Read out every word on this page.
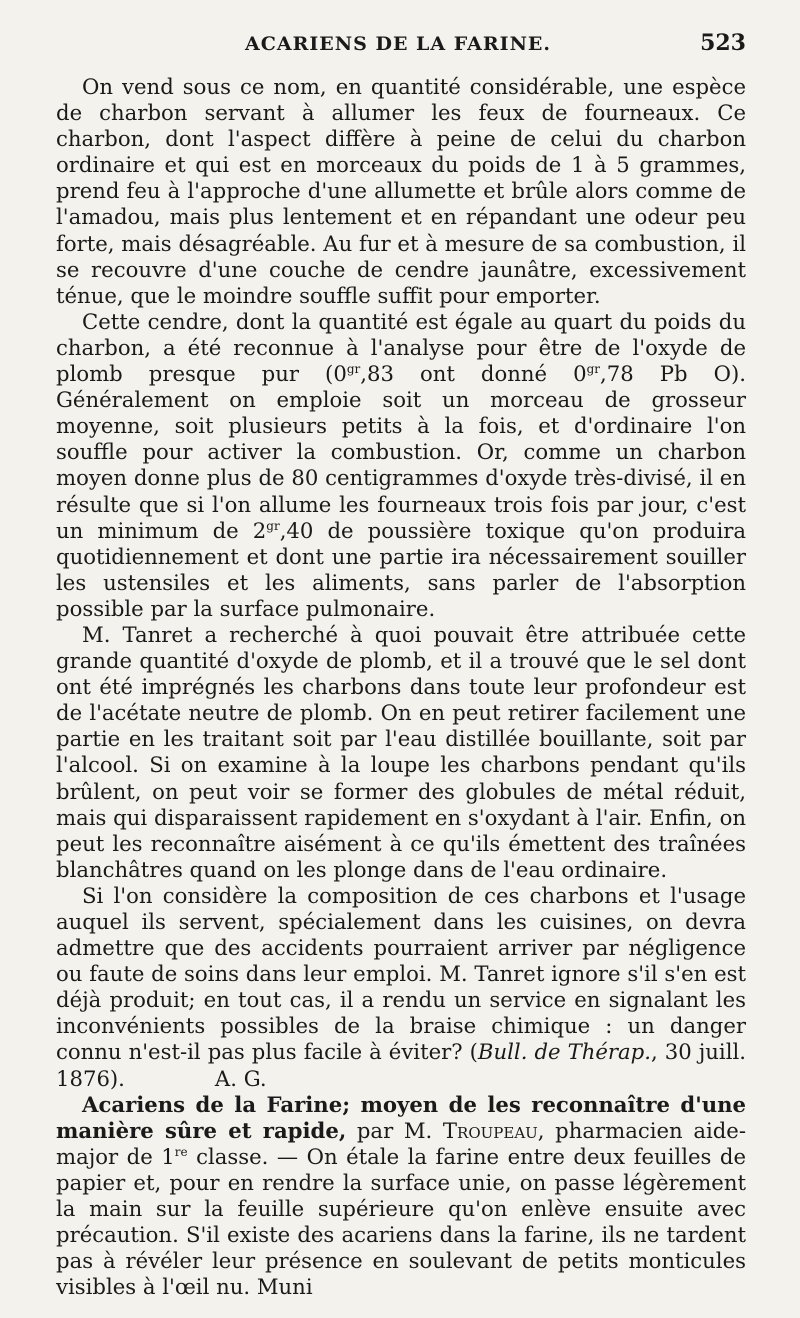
ACARIENS DE LA FARINE.	523

On vend sous ce nom, en quantité considérable, une espèce de charbon servant à allumer les feux de fourneaux. Ce charbon, dont l'aspect diffère à peine de celui du charbon ordinaire et qui est en morceaux du poids de 1 à 5 grammes, prend feu à l'approche d'une allumette et brûle alors comme de l'amadou, mais plus lentement et en répandant une odeur peu forte, mais désagréable. Au fur et à mesure de sa combustion, il se recouvre d'une couche de cendre jaunâtre, excessivement ténue, que le moindre souffle suffit pour emporter.

Cette cendre, dont la quantité est égale au quart du poids du charbon, a été reconnue à l'analyse pour être de l'oxyde de plomb presque pur ($0^{gr},83$ ont donné $0^{gr},78$ Pb O). Généralement on emploie soit un morceau de grosseur moyenne, soit plusieurs petits à la fois, et d'ordinaire l'on souffle pour activer la combustion. Or, comme un charbon moyen donne plus de 80 centigrammes d'oxyde très-divisé, il en résulte que si l'on allume les fourneaux trois fois par jour, c'est un minimum de $2^{gr},40$ de poussière toxique qu'on produira quotidiennement et dont une partie ira nécessairement souiller les ustensiles et les aliments, sans parler de l'absorption possible par la surface pulmonaire.

M. Tanret a recherché à quoi pouvait être attribuée cette grande quantité d'oxyde de plomb, et il a trouvé que le sel dont ont été imprégnés les charbons dans toute leur profondeur est de l'acétate neutre de plomb. On en peut retirer facilement une partie en les traitant soit par l'eau distillée bouillante, soit par l'alcool. Si on examine à la loupe les charbons pendant qu'ils brûlent, on peut voir se former des globules de métal réduit, mais qui disparaissent rapidement en s'oxydant à l'air. Enfin, on peut les reconnaître aisément à ce qu'ils émettent des traînées blanchâtres quand on les plonge dans de l'eau ordinaire.

Si l'on considère la composition de ces charbons et l'usage auquel ils servent, spécialement dans les cuisines, on devra admettre que des accidents pourraient arriver par négligence ou faute de soins dans leur emploi. M. Tanret ignore s'il s'en est déjà produit; en tout cas, il a rendu un service en signalant les inconvénients possibles de la braise chimique : un danger connu n'est-il pas plus facile à éviter? (Bull. de Thérap., 30 juill. 1876).	A. G.

Acariens de la Farine; moyen de les reconnaître d'une manière sûre et rapide, par M. Troupeau, pharmacien aide-major de 1re classe. — On étale la farine entre deux feuilles de papier et, pour en rendre la surface unie, on passe légèrement la main sur la feuille supérieure qu'on enlève ensuite avec précaution. S'il existe des acariens dans la farine, ils ne tardent pas à révéler leur présence en soulevant de petits monticules visibles à l'œil nu. Muni
